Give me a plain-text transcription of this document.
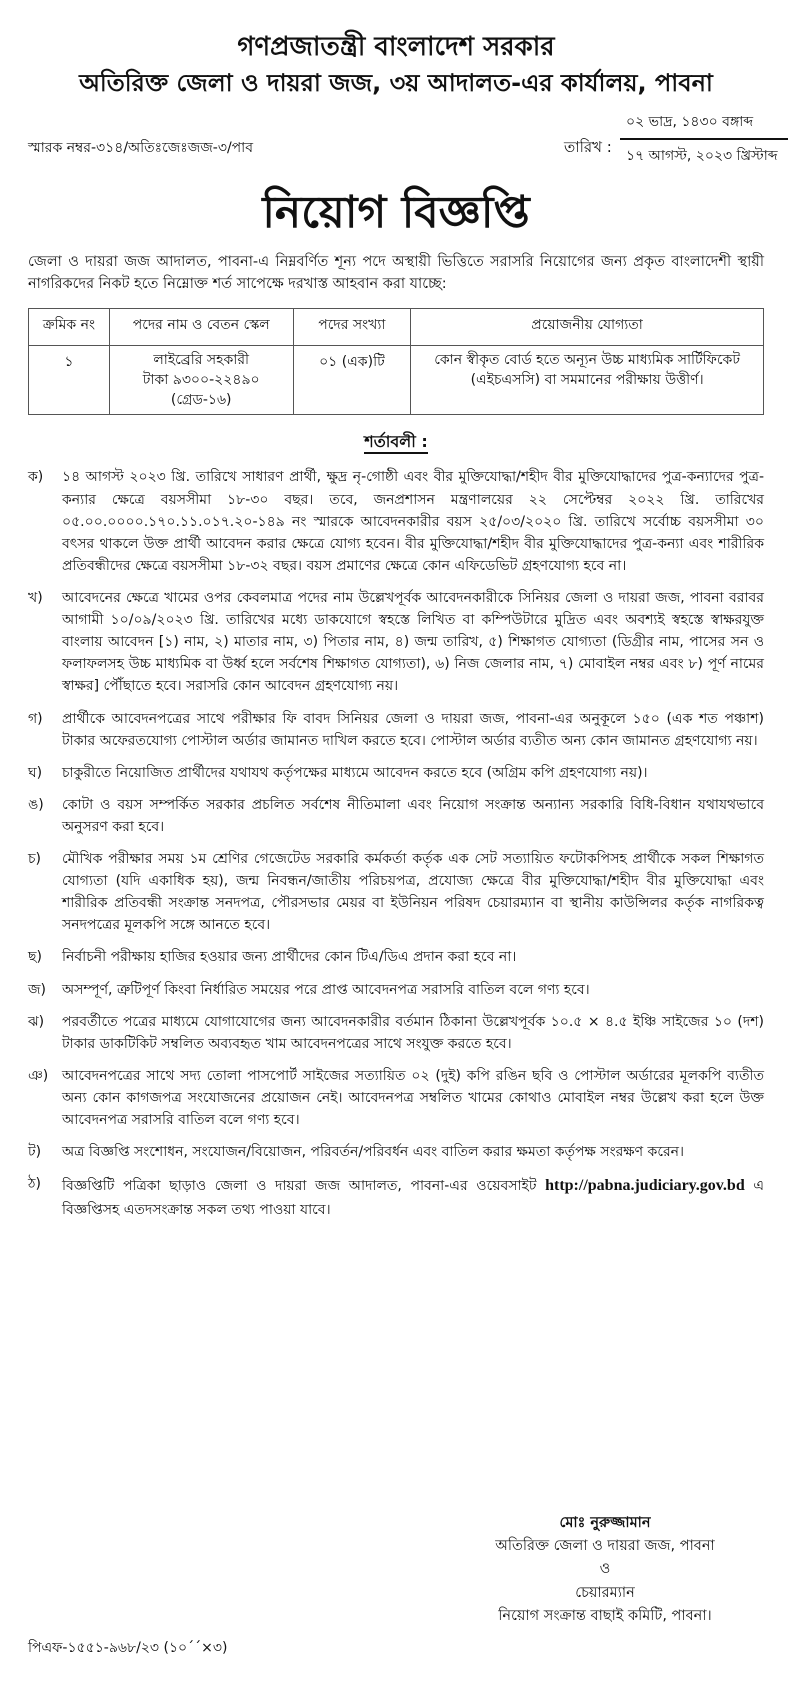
গণপ্রজাতন্ত্রী বাংলাদেশ সরকার
অতিরিক্ত জেলা ও দায়রা জজ, ৩য় আদালত-এর কার্যালয়, পাবনা
স্মারক নম্বর-৩১৪/অতিঃজেঃজজ-৩/পাব	তারিখ :
০২ ভাদ্র, ১৪৩০ বঙ্গাব্দ
১৭ আগস্ট, ২০২৩ খ্রিস্টাব্দ
নিয়োগ বিজ্ঞপ্তি
জেলা ও দায়রা জজ আদালত, পাবনা-এ নিম্নবর্ণিত শূন্য পদে অস্থায়ী ভিত্তিতে সরাসরি নিয়োগের জন্য প্রকৃত বাংলাদেশী স্থায়ী নাগরিকদের নিকট হতে নিম্নোক্ত শর্ত সাপেক্ষে দরখাস্ত আহবান করা যাচ্ছে:
ক্রমিক নং	পদের নাম ও বেতন স্কেল	পদের সংখ্যা	প্রয়োজনীয় যোগ্যতা
১	লাইব্রেরি সহকারী
টাকা ৯৩০০-২২৪৯০
(গ্রেড-১৬)	০১ (এক)টি	কোন স্বীকৃত বোর্ড হতে অন্যূন উচ্চ মাধ্যমিক সার্টিফিকেট (এইচএসসি) বা সমমানের পরীক্ষায় উত্তীর্ণ।
শর্তাবলী :
ক)	১৪ আগস্ট ২০২৩ খ্রি. তারিখে সাধারণ প্রার্থী, ক্ষুদ্র নৃ-গোষ্ঠী এবং বীর মুক্তিযোদ্ধা/শহীদ বীর মুক্তিযোদ্ধাদের পুত্র-কন্যাদের পুত্র-কন্যার ক্ষেত্রে বয়সসীমা ১৮-৩০ বছর। তবে, জনপ্রশাসন মন্ত্রণালয়ের ২২ সেপ্টেম্বর ২০২২ খ্রি. তারিখের ০৫.০০.০০০০.১৭০.১১.০১৭.২০-১৪৯ নং স্মারকে আবেদনকারীর বয়স ২৫/০৩/২০২০ খ্রি. তারিখে সর্বোচ্চ বয়সসীমা ৩০ বৎসর থাকলে উক্ত প্রার্থী আবেদন করার ক্ষেত্রে যোগ্য হবেন। বীর মুক্তিযোদ্ধা/শহীদ বীর মুক্তিযোদ্ধাদের পুত্র-কন্যা এবং শারীরিক প্রতিবন্ধীদের ক্ষেত্রে বয়সসীমা ১৮-৩২ বছর। বয়স প্রমাণের ক্ষেত্রে কোন এফিডেভিট গ্রহণযোগ্য হবে না।
খ)	আবেদনের ক্ষেত্রে খামের ওপর কেবলমাত্র পদের নাম উল্লেখপূর্বক আবেদনকারীকে সিনিয়র জেলা ও দায়রা জজ, পাবনা বরাবর আগামী ১০/০৯/২০২৩ খ্রি. তারিখের মধ্যে ডাকযোগে স্বহস্তে লিখিত বা কম্পিউটারে মুদ্রিত এবং অবশ্যই স্বহস্তে স্বাক্ষরযুক্ত বাংলায় আবেদন [১) নাম, ২) মাতার নাম, ৩) পিতার নাম, ৪) জন্ম তারিখ, ৫) শিক্ষাগত যোগ্যতা (ডিগ্রীর নাম, পাসের সন ও ফলাফলসহ উচ্চ মাধ্যমিক বা উর্ধ্ব হলে সর্বশেষ শিক্ষাগত যোগ্যতা), ৬) নিজ জেলার নাম, ৭) মোবাইল নম্বর এবং ৮) পূর্ণ নামের স্বাক্ষর] পৌঁছাতে হবে। সরাসরি কোন আবেদন গ্রহণযোগ্য নয়।
গ)	প্রার্থীকে আবেদনপত্রের সাথে পরীক্ষার ফি বাবদ সিনিয়র জেলা ও দায়রা জজ, পাবনা-এর অনুকূলে ১৫০ (এক শত পঞ্চাশ) টাকার অফেরতযোগ্য পোস্টাল অর্ডার জামানত দাখিল করতে হবে। পোস্টাল অর্ডার ব্যতীত অন্য কোন জামানত গ্রহণযোগ্য নয়।
ঘ)	চাকুরীতে নিয়োজিত প্রার্থীদের যথাযথ কর্তৃপক্ষের মাধ্যমে আবেদন করতে হবে (অগ্রিম কপি গ্রহণযোগ্য নয়)।
ঙ)	কোটা ও বয়স সম্পর্কিত সরকার প্রচলিত সর্বশেষ নীতিমালা এবং নিয়োগ সংক্রান্ত অন্যান্য সরকারি বিধি-বিধান যথাযথভাবে অনুসরণ করা হবে।
চ)	মৌখিক পরীক্ষার সময় ১ম শ্রেণির গেজেটেড সরকারি কর্মকর্তা কর্তৃক এক সেট সত্যায়িত ফটোকপিসহ প্রার্থীকে সকল শিক্ষাগত যোগ্যতা (যদি একাধিক হয়), জন্ম নিবন্ধন/জাতীয় পরিচয়পত্র, প্রযোজ্য ক্ষেত্রে বীর মুক্তিযোদ্ধা/শহীদ বীর মুক্তিযোদ্ধা এবং শারীরিক প্রতিবন্ধী সংক্রান্ত সনদপত্র, পৌরসভার মেয়র বা ইউনিয়ন পরিষদ চেয়ারম্যান বা স্থানীয় কাউন্সিলর কর্তৃক নাগরিকত্ব সনদপত্রের মূলকপি সঙ্গে আনতে হবে।
ছ)	নির্বাচনী পরীক্ষায় হাজির হওয়ার জন্য প্রার্থীদের কোন টিএ/ডিএ প্রদান করা হবে না।
জ)	অসম্পূর্ণ, ত্রুটিপূর্ণ কিংবা নির্ধারিত সময়ের পরে প্রাপ্ত আবেদনপত্র সরাসরি বাতিল বলে গণ্য হবে।
ঝ)	পরবর্তীতে পত্রের মাধ্যমে যোগাযোগের জন্য আবেদনকারীর বর্তমান ঠিকানা উল্লেখপূর্বক ১০.৫ × ৪.৫ ইঞ্চি সাইজের ১০ (দশ) টাকার ডাকটিকিট সম্বলিত অব্যবহৃত খাম আবেদনপত্রের সাথে সংযুক্ত করতে হবে।
ঞ) আবেদনপত্রের সাথে সদ্য তোলা পাসপোর্ট সাইজের সত্যায়িত ০২ (দুই) কপি রঙিন ছবি ও পোস্টাল অর্ডারের মূলকপি ব্যতীত অন্য কোন কাগজপত্র সংযোজনের প্রয়োজন নেই। আবেদনপত্র সম্বলিত খামের কোথাও মোবাইল নম্বর উল্লেখ করা হলে উক্ত আবেদনপত্র সরাসরি বাতিল বলে গণ্য হবে।
ট)	অত্র বিজ্ঞপ্তি সংশোধন, সংযোজন/বিয়োজন, পরিবর্তন/পরিবর্ধন এবং বাতিল করার ক্ষমতা কর্তৃপক্ষ সংরক্ষণ করেন।
ঠ)	বিজ্ঞপ্তিটি পত্রিকা ছাড়াও জেলা ও দায়রা জজ আদালত, পাবনা-এর ওয়েবসাইট http://pabna.judiciary.gov.bd এ বিজ্ঞপ্তিসহ এতদসংক্রান্ত সকল তথ্য পাওয়া যাবে।
মোঃ নুরুজ্জামান
অতিরিক্ত জেলা ও দায়রা জজ, পাবনা
ও
চেয়ারম্যান
নিয়োগ সংক্রান্ত বাছাই কমিটি, পাবনা।
পিএফ-১৫৫১-৯৬৮/২৩ (১০´´×৩)
